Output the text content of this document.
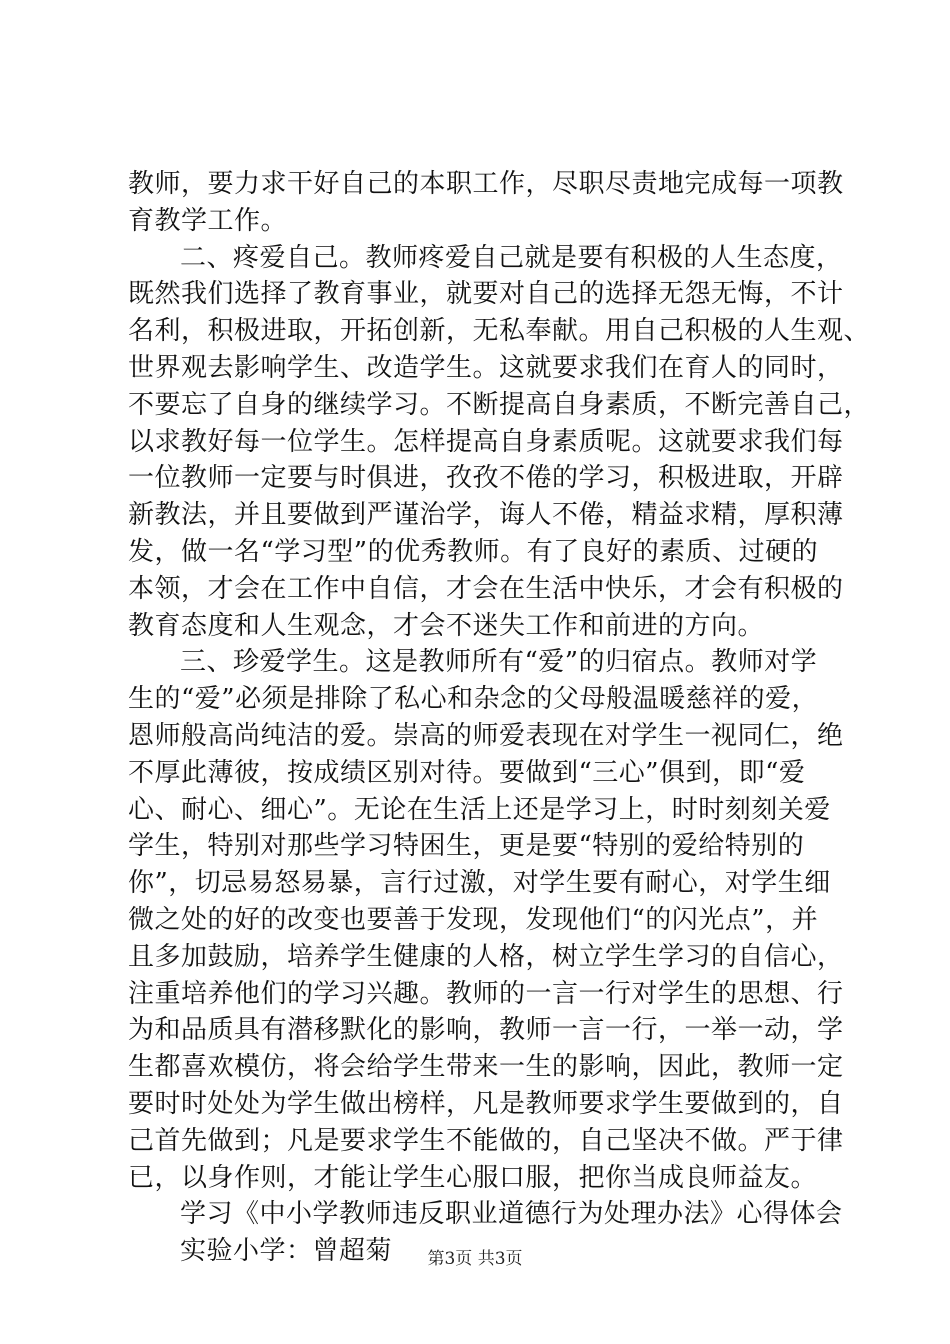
教师，要力求干好自己的本职工作，尽职尽责地完成每一项教
育教学工作。
二、疼爱自己。教师疼爱自己就是要有积极的人生态度，
既然我们选择了教育事业，就要对自己的选择无怨无悔，不计
名利，积极进取，开拓创新，无私奉献。用自己积极的人生观、
世界观去影响学生、改造学生。这就要求我们在育人的同时，
不要忘了自身的继续学习。不断提高自身素质，不断完善自己，
以求教好每一位学生。怎样提高自身素质呢。这就要求我们每
一位教师一定要与时俱进，孜孜不倦的学习，积极进取，开辟
新教法，并且要做到严谨治学，诲人不倦，精益求精，厚积薄
发，做一名“学习型”的优秀教师。有了良好的素质、过硬的
本领，才会在工作中自信，才会在生活中快乐，才会有积极的
教育态度和人生观念，才会不迷失工作和前进的方向。
三、珍爱学生。这是教师所有“爱”的归宿点。教师对学
生的“爱”必须是排除了私心和杂念的父母般温暖慈祥的爱，
恩师般高尚纯洁的爱。崇高的师爱表现在对学生一视同仁，绝
不厚此薄彼，按成绩区别对待。要做到“三心”俱到，即“爱
心、耐心、细心”。无论在生活上还是学习上，时时刻刻关爱
学生，特别对那些学习特困生，更是要“特别的爱给特别的
你”，切忌易怒易暴，言行过激，对学生要有耐心，对学生细
微之处的好的改变也要善于发现，发现他们“的闪光点”，并
且多加鼓励，培养学生健康的人格，树立学生学习的自信心，
注重培养他们的学习兴趣。教师的一言一行对学生的思想、行
为和品质具有潜移默化的影响，教师一言一行，一举一动，学
生都喜欢模仿，将会给学生带来一生的影响，因此，教师一定
要时时处处为学生做出榜样，凡是教师要求学生要做到的，自
己首先做到；凡是要求学生不能做的，自己坚决不做。严于律
已，以身作则，才能让学生心服口服，把你当成良师益友。
学习《中小学教师违反职业道德行为处理办法》心得体会
实验小学：曾超菊	第3页 共3页
